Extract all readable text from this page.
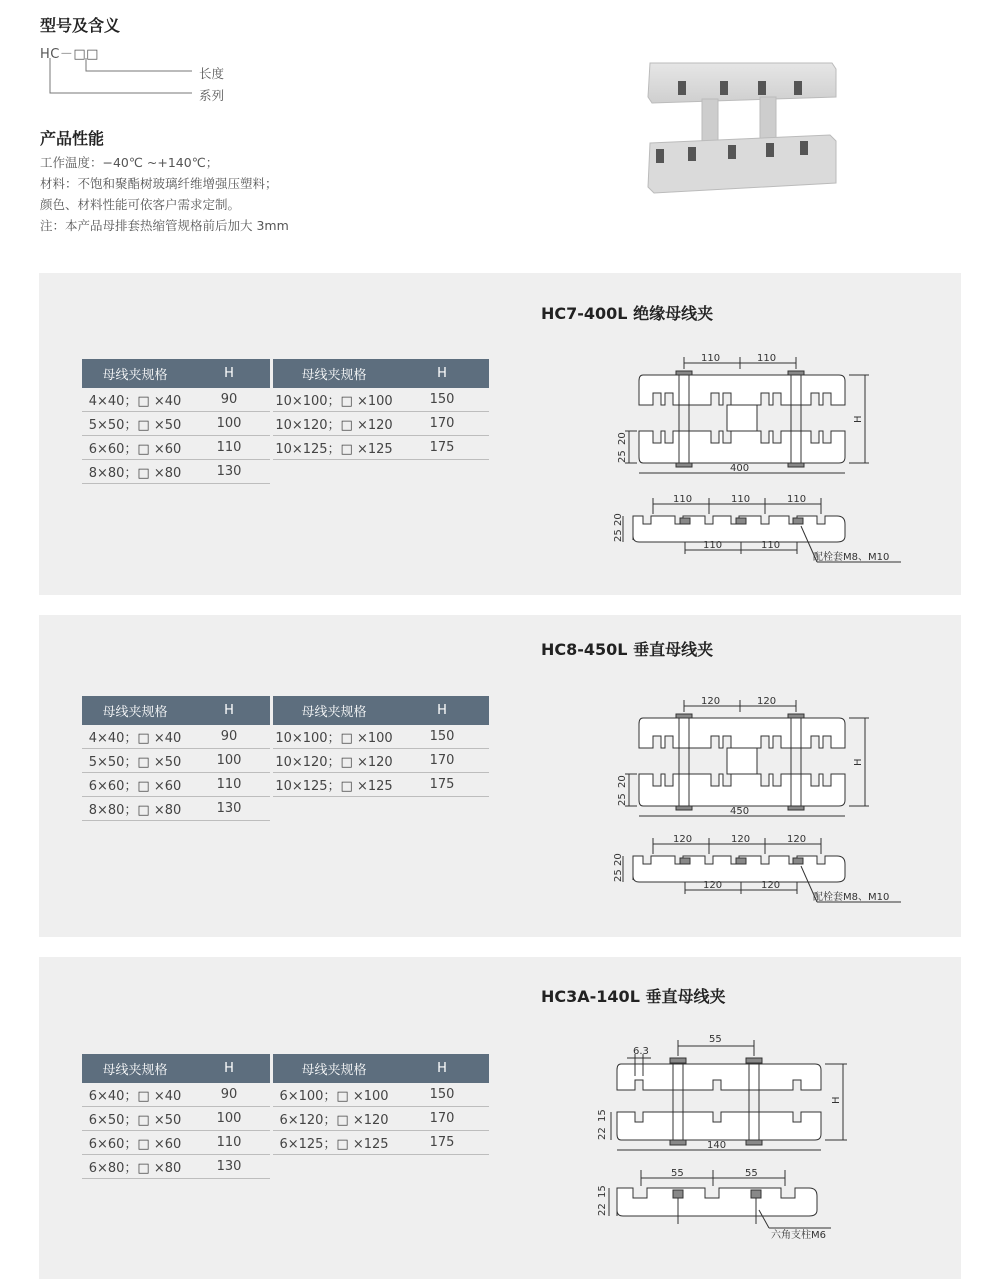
型号及含义
HC－□□
长度
系列
产品性能
工作温度：−40℃ ~+140℃；
材料：不饱和聚酯树玻璃纤维增强压塑料；
颜色、材料性能可依客户需求定制。
注：本产品母排套热缩管规格前后加大 3mm
HC7-400L 绝缘母线夹
母线夹规格	H		母线夹规格	H
4×40；□ ×40	90		10×100；□ ×100	150
5×50；□ ×50	100		10×120；□ ×120	170
6×60；□ ×60	110		10×125；□ ×125	175
8×80；□ ×80	130			
110	110
400
H
25
20
110	110	110
110	110
配栓套M8、M10
25
20
HC8-450L 垂直母线夹
母线夹规格	H		母线夹规格	H
4×40；□ ×40	90		10×100；□ ×100	150
5×50；□ ×50	100		10×120；□ ×120	170
6×60；□ ×60	110		10×125；□ ×125	175
8×80；□ ×80	130			
120	120
450
H
25
20
120	120	120
120	120
配栓套M8、M10
25
20
HC3A-140L 垂直母线夹
母线夹规格	H		母线夹规格	H
6×40；□ ×40	90		6×100；□ ×100	150
6×50；□ ×50	100		6×120；□ ×120	170
6×60；□ ×60	110		6×125；□ ×125	175
6×80；□ ×80	130			
55
6.3
140
H
22
15
55	55
六角支柱M6
22
15
